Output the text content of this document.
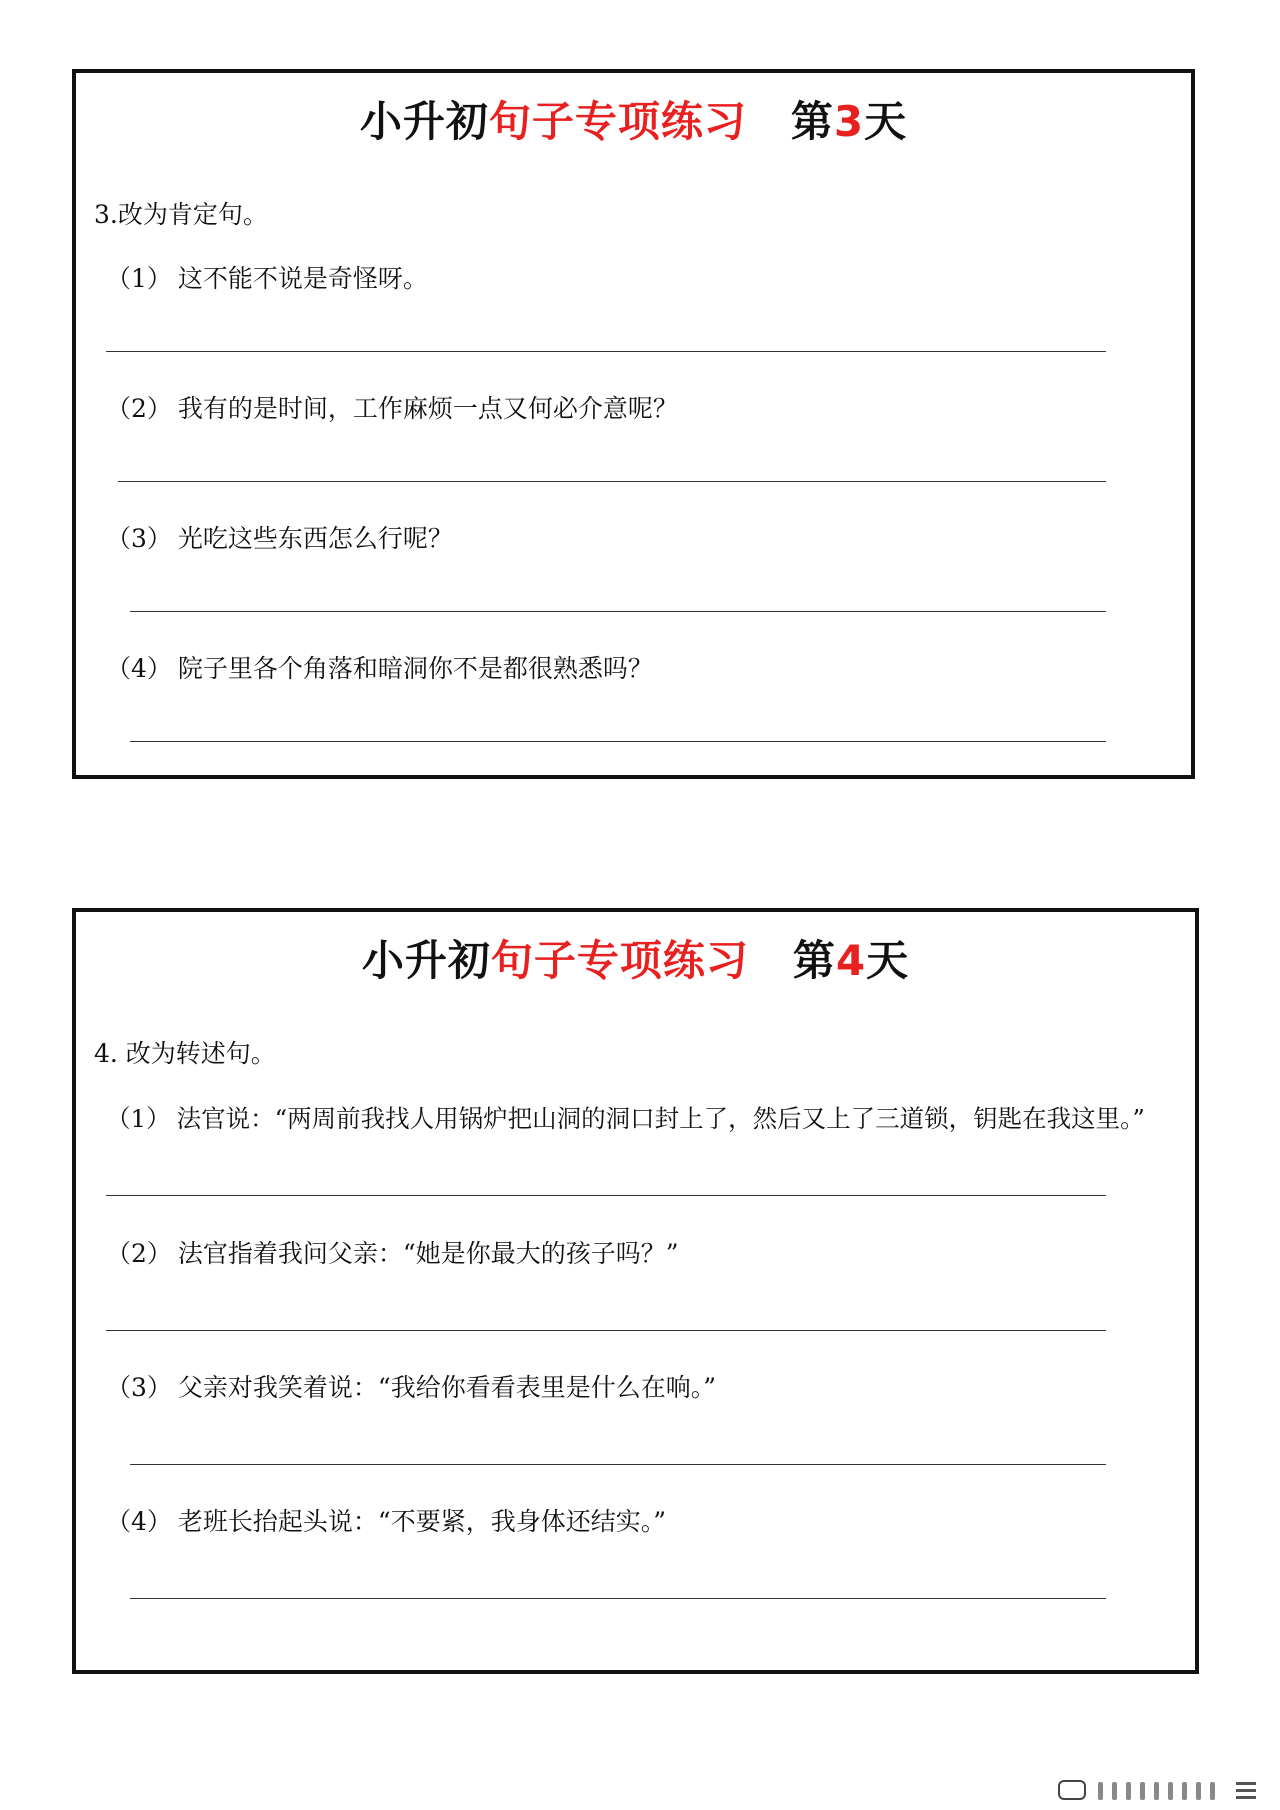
小升初句子专项练习 第3天
3.改为肯定句。
（1） 这不能不说是奇怪呀。
（2） 我有的是时间，工作麻烦一点又何必介意呢？
（3） 光吃这些东西怎么行呢？
（4） 院子里各个角落和暗洞你不是都很熟悉吗？
小升初句子专项练习 第4天
4. 改为转述句。
（1） 法官说：“两周前我找人用锅炉把山洞的洞口封上了，然后又上了三道锁，钥匙在我这里。”
（2） 法官指着我问父亲：“她是你最大的孩子吗？”
（3） 父亲对我笑着说：“我给你看看表里是什么在响。”
（4） 老班长抬起头说：“不要紧，我身体还结实。”
